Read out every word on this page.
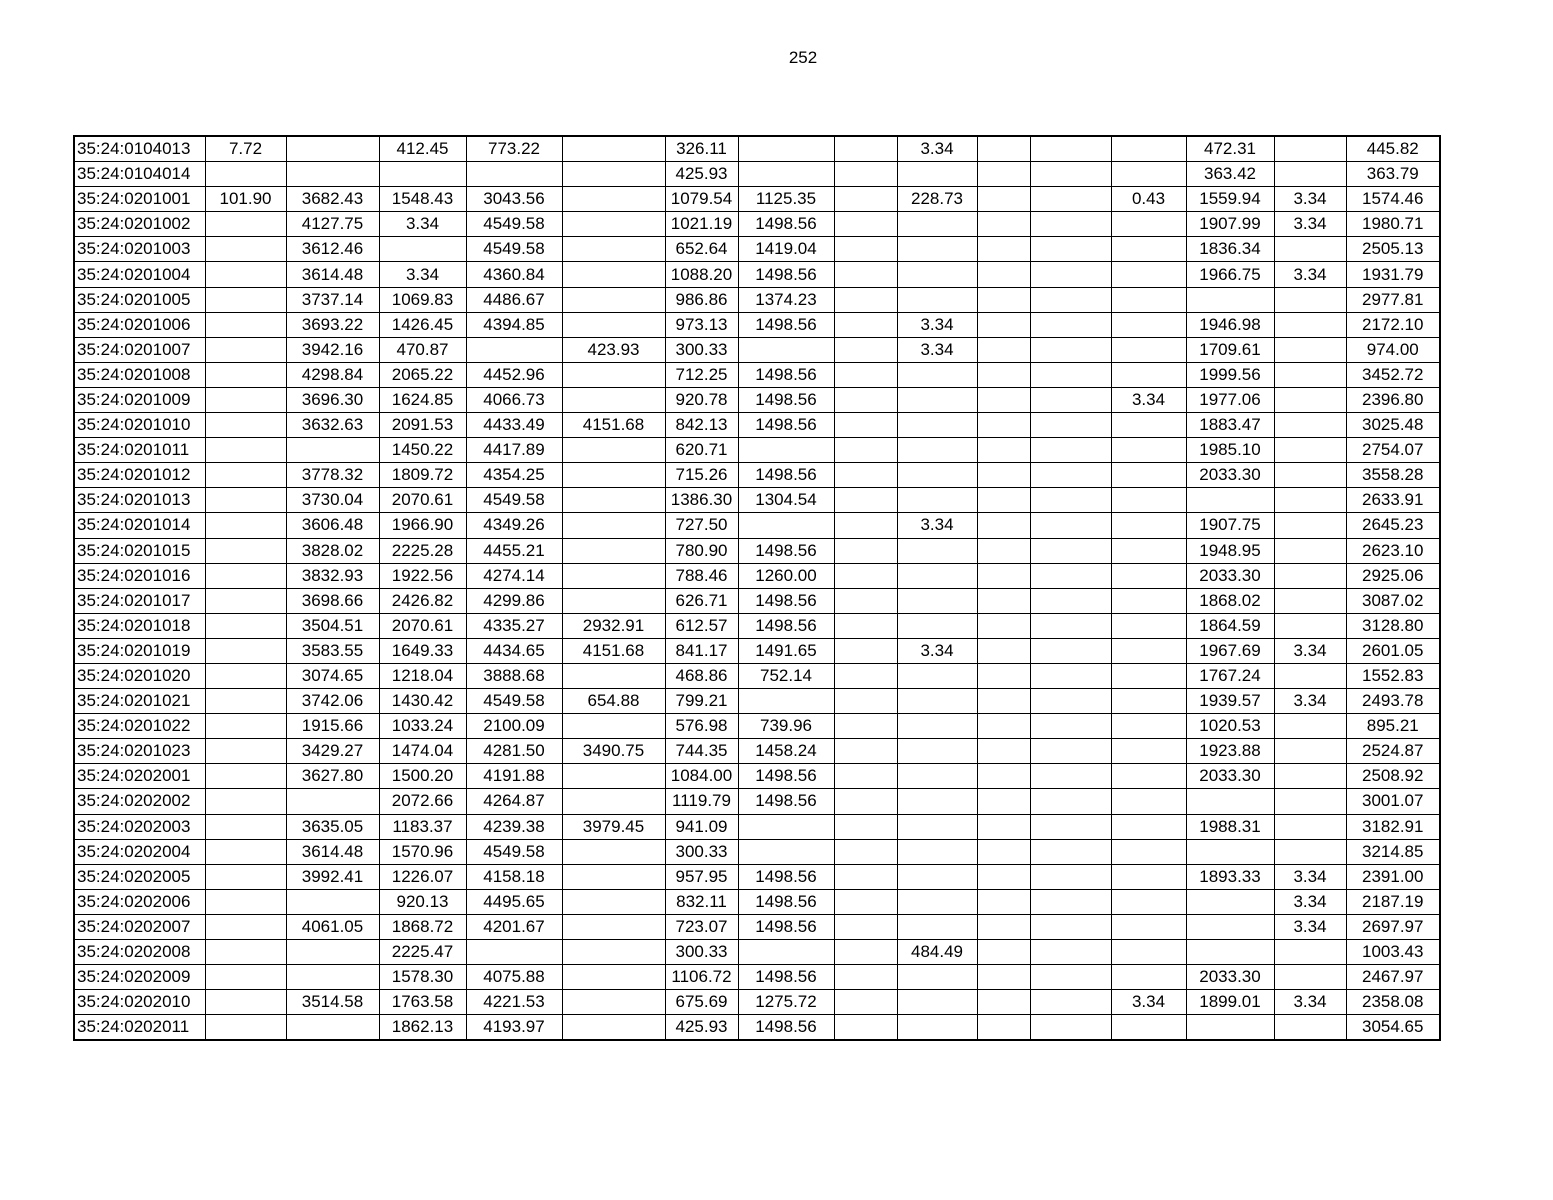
252
35:24:0104013	7.72		412.45	773.22		326.11			3.34				472.31		445.82
35:24:0104014						425.93							363.42		363.79
35:24:0201001	101.90	3682.43	1548.43	3043.56		1079.54	1125.35		228.73			0.43	1559.94	3.34	1574.46
35:24:0201002		4127.75	3.34	4549.58		1021.19	1498.56						1907.99	3.34	1980.71
35:24:0201003		3612.46		4549.58		652.64	1419.04						1836.34		2505.13
35:24:0201004		3614.48	3.34	4360.84		1088.20	1498.56						1966.75	3.34	1931.79
35:24:0201005		3737.14	1069.83	4486.67		986.86	1374.23								2977.81
35:24:0201006		3693.22	1426.45	4394.85		973.13	1498.56		3.34				1946.98		2172.10
35:24:0201007		3942.16	470.87		423.93	300.33			3.34				1709.61		974.00
35:24:0201008		4298.84	2065.22	4452.96		712.25	1498.56						1999.56		3452.72
35:24:0201009		3696.30	1624.85	4066.73		920.78	1498.56					3.34	1977.06		2396.80
35:24:0201010		3632.63	2091.53	4433.49	4151.68	842.13	1498.56						1883.47		3025.48
35:24:0201011			1450.22	4417.89		620.71							1985.10		2754.07
35:24:0201012		3778.32	1809.72	4354.25		715.26	1498.56						2033.30		3558.28
35:24:0201013		3730.04	2070.61	4549.58		1386.30	1304.54								2633.91
35:24:0201014		3606.48	1966.90	4349.26		727.50			3.34				1907.75		2645.23
35:24:0201015		3828.02	2225.28	4455.21		780.90	1498.56						1948.95		2623.10
35:24:0201016		3832.93	1922.56	4274.14		788.46	1260.00						2033.30		2925.06
35:24:0201017		3698.66	2426.82	4299.86		626.71	1498.56						1868.02		3087.02
35:24:0201018		3504.51	2070.61	4335.27	2932.91	612.57	1498.56						1864.59		3128.80
35:24:0201019		3583.55	1649.33	4434.65	4151.68	841.17	1491.65		3.34				1967.69	3.34	2601.05
35:24:0201020		3074.65	1218.04	3888.68		468.86	752.14						1767.24		1552.83
35:24:0201021		3742.06	1430.42	4549.58	654.88	799.21							1939.57	3.34	2493.78
35:24:0201022		1915.66	1033.24	2100.09		576.98	739.96						1020.53		895.21
35:24:0201023		3429.27	1474.04	4281.50	3490.75	744.35	1458.24						1923.88		2524.87
35:24:0202001		3627.80	1500.20	4191.88		1084.00	1498.56						2033.30		2508.92
35:24:0202002			2072.66	4264.87		1119.79	1498.56								3001.07
35:24:0202003		3635.05	1183.37	4239.38	3979.45	941.09							1988.31		3182.91
35:24:0202004		3614.48	1570.96	4549.58		300.33									3214.85
35:24:0202005		3992.41	1226.07	4158.18		957.95	1498.56						1893.33	3.34	2391.00
35:24:0202006			920.13	4495.65		832.11	1498.56							3.34	2187.19
35:24:0202007		4061.05	1868.72	4201.67		723.07	1498.56							3.34	2697.97
35:24:0202008			2225.47			300.33			484.49						1003.43
35:24:0202009			1578.30	4075.88		1106.72	1498.56						2033.30		2467.97
35:24:0202010		3514.58	1763.58	4221.53		675.69	1275.72					3.34	1899.01	3.34	2358.08
35:24:0202011			1862.13	4193.97		425.93	1498.56								3054.65
